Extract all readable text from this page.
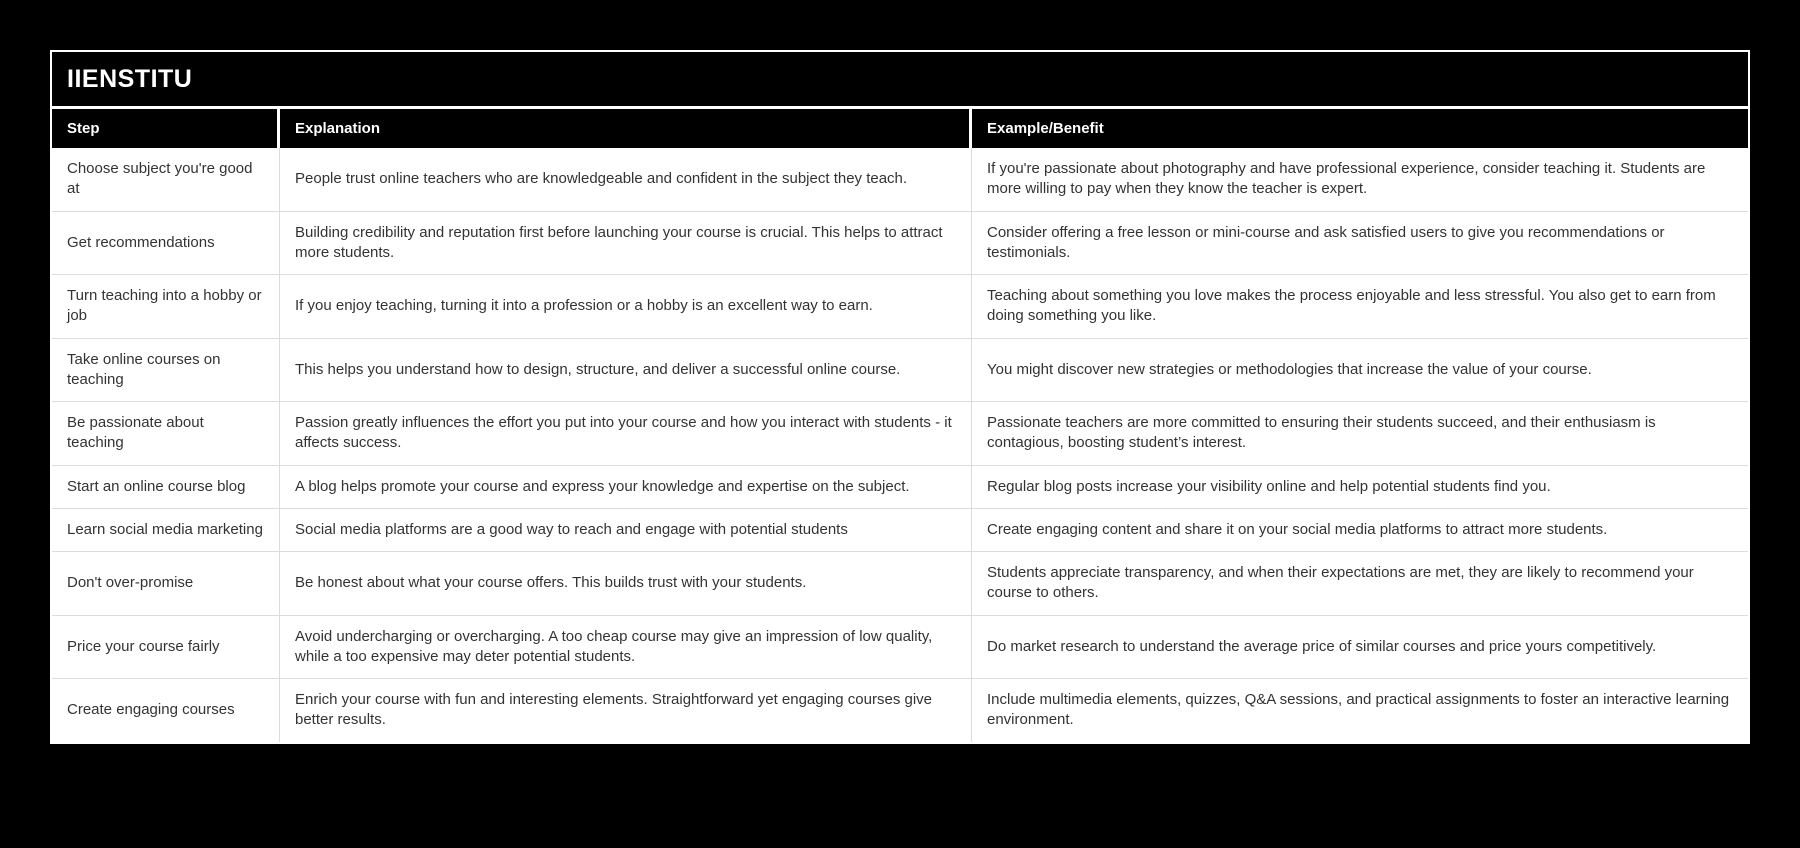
IIENSTITU
Step	Explanation	Example/Benefit
Choose subject you're good at	People trust online teachers who are knowledgeable and confident in the subject they teach.	If you're passionate about photography and have professional experience, consider teaching it. Students are more willing to pay when they know the teacher is expert.
Get recommendations	Building credibility and reputation first before launching your course is crucial. This helps to attract more students.	Consider offering a free lesson or mini-course and ask satisfied users to give you recommendations or testimonials.
Turn teaching into a hobby or job	If you enjoy teaching, turning it into a profession or a hobby is an excellent way to earn.	Teaching about something you love makes the process enjoyable and less stressful. You also get to earn from doing something you like.
Take online courses on teaching	This helps you understand how to design, structure, and deliver a successful online course.	You might discover new strategies or methodologies that increase the value of your course.
Be passionate about teaching	Passion greatly influences the effort you put into your course and how you interact with students - it affects success.	Passionate teachers are more committed to ensuring their students succeed, and their enthusiasm is contagious, boosting student’s interest.
Start an online course blog	A blog helps promote your course and express your knowledge and expertise on the subject.	Regular blog posts increase your visibility online and help potential students find you.
Learn social media marketing	Social media platforms are a good way to reach and engage with potential students	Create engaging content and share it on your social media platforms to attract more students.
Don't over-promise	Be honest about what your course offers. This builds trust with your students.	Students appreciate transparency, and when their expectations are met, they are likely to recommend your course to others.
Price your course fairly	Avoid undercharging or overcharging. A too cheap course may give an impression of low quality, while a too expensive may deter potential students.	Do market research to understand the average price of similar courses and price yours competitively.
Create engaging courses	Enrich your course with fun and interesting elements. Straightforward yet engaging courses give better results.	Include multimedia elements, quizzes, Q&A sessions, and practical assignments to foster an interactive learning environment.
